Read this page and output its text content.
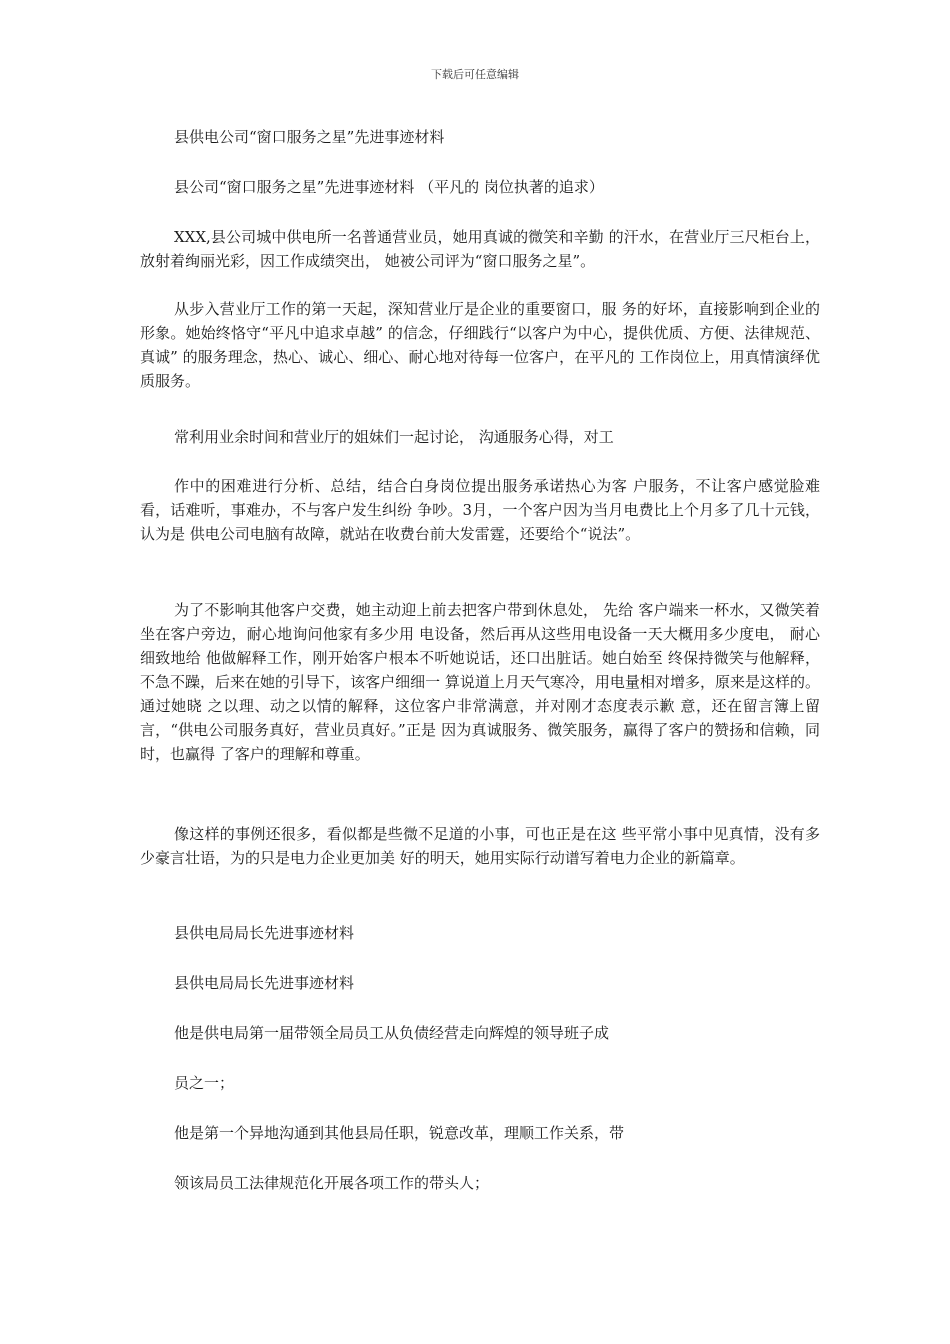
下载后可任意编辑
县供电公司“窗口服务之星”先进事迹材料
县公司“窗口服务之星”先进事迹材料 （平凡的 岗位执著的追求）
XXX,县公司城中供电所一名普通营业员，她用真诚的微笑和辛勤 的汗水，在营业厅三尺柜台上，放射着绚丽光彩，因工作成绩突出， 她被公司评为“窗口服务之星”。
从步入营业厅工作的第一天起，深知营业厅是企业的重要窗口，服 务的好坏，直接影响到企业的形象。她始终恪守“平凡中追求卓越” 的信念，仔细践行“以客户为中心，提供优质、方便、法律规范、真诚” 的服务理念，热心、诚心、细心、耐心地对待每一位客户，在平凡的 工作岗位上，用真情演绎优质服务。
常利用业余时间和营业厅的姐妹们一起讨论， 沟通服务心得，对工
作中的困难进行分析、总结，结合白身岗位提出服务承诺热心为客 户服务，不让客户感觉脸难看，话难听，事难办，不与客户发生纠纷 争吵。3月，一个客户因为当月电费比上个月多了几十元钱，认为是 供电公司电脑有故障，就站在收费台前大发雷霆，还要给个“说法”。
为了不影响其他客户交费，她主动迎上前去把客户带到休息处， 先给 客户端来一杯水，又微笑着坐在客户旁边，耐心地询问他家有多少用 电设备，然后再从这些用电设备一天大概用多少度电， 耐心细致地给 他做解释工作，刚开始客户根本不听她说话，还口出脏话。她白始至 终保持微笑与他解释，不急不躁，后来在她的引导下，该客户细细一 算说道上月天气寒冷，用电量相对增多，原来是这样的。通过她晓 之以理、动之以情的解释，这位客户非常满意，并对刚才态度表示歉 意，还在留言簿上留言，“供电公司服务真好，营业员真好。”正是 因为真诚服务、微笑服务，赢得了客户的赞扬和信赖，同时，也赢得 了客户的理解和尊重。
像这样的事例还很多，看似都是些微不足道的小事，可也正是在这 些平常小事中见真情，没有多少豪言壮语，为的只是电力企业更加美 好的明天，她用实际行动谱写着电力企业的新篇章。
县供电局局长先进事迹材料
县供电局局长先进事迹材料
他是供电局第一届带领全局员工从负债经营走向辉煌的领导班子成
员之一；
他是第一个异地沟通到其他县局任职，锐意改革，理顺工作关系，带
领该局员工法律规范化开展各项工作的带头人；
